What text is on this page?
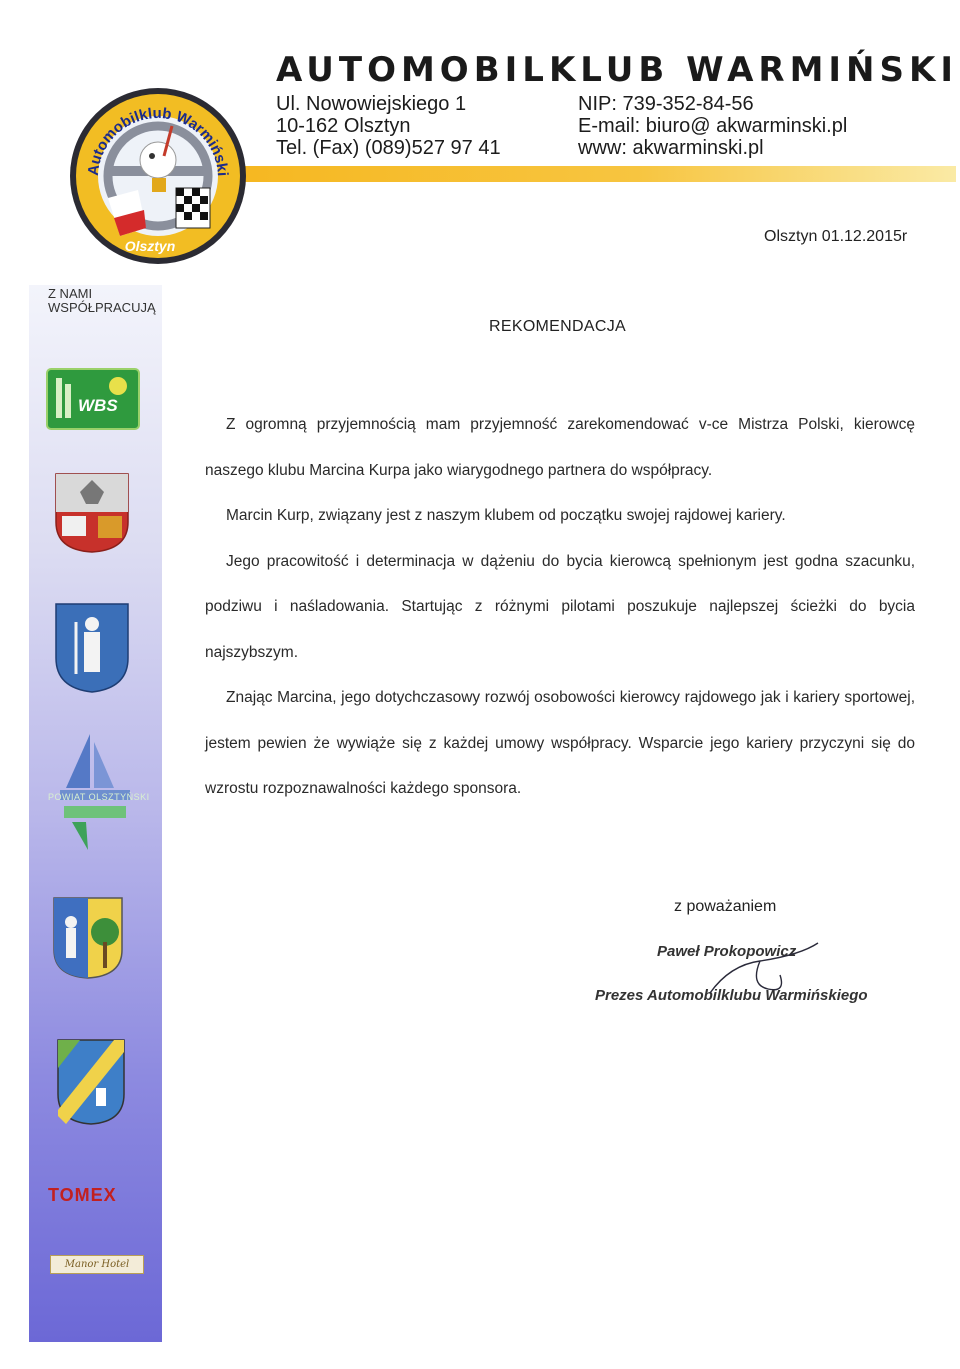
Z NAMI
WSPÓŁPRACUJĄ
AUTOMOBILKLUB WARMIŃSKI
Ul. Nowowiejskiego 1
10-162 Olsztyn
Tel. (Fax) (089)527 97 41
NIP: 739-352-84-56
E-mail: biuro@ akwarminski.pl
www: akwarminski.pl
Automobilklub Warmiński
Olsztyn
WBS
POWIAT OLSZTYŃSKI
TOMEX
Manor Hotel
Olsztyn 01.12.2015r
REKOMENDACJA

Z ogromną przyjemnością mam przyjemność zarekomendować v-ce Mistrza Polski, kierowcę naszego klubu Marcina Kurpa jako wiarygodnego partnera do współpracy.

Marcin Kurp, związany jest z naszym klubem od początku swojej rajdowej kariery.

Jego pracowitość i determinacja w dążeniu do bycia kierowcą spełnionym jest godna szacunku, podziwu i naśladowania. Startując z różnymi pilotami poszukuje najlepszej ścieżki do bycia najszybszym.

Znając Marcina, jego dotychczasowy rozwój osobowości kierowcy rajdowego jak i kariery sportowej, jestem pewien że wywiąże się z każdej umowy współpracy. Wsparcie jego kariery przyczyni się do wzrostu rozpoznawalności każdego sponsora.

z poważaniem
Paweł Prokopowicz
Prezes Automobilklubu Warmińskiego
